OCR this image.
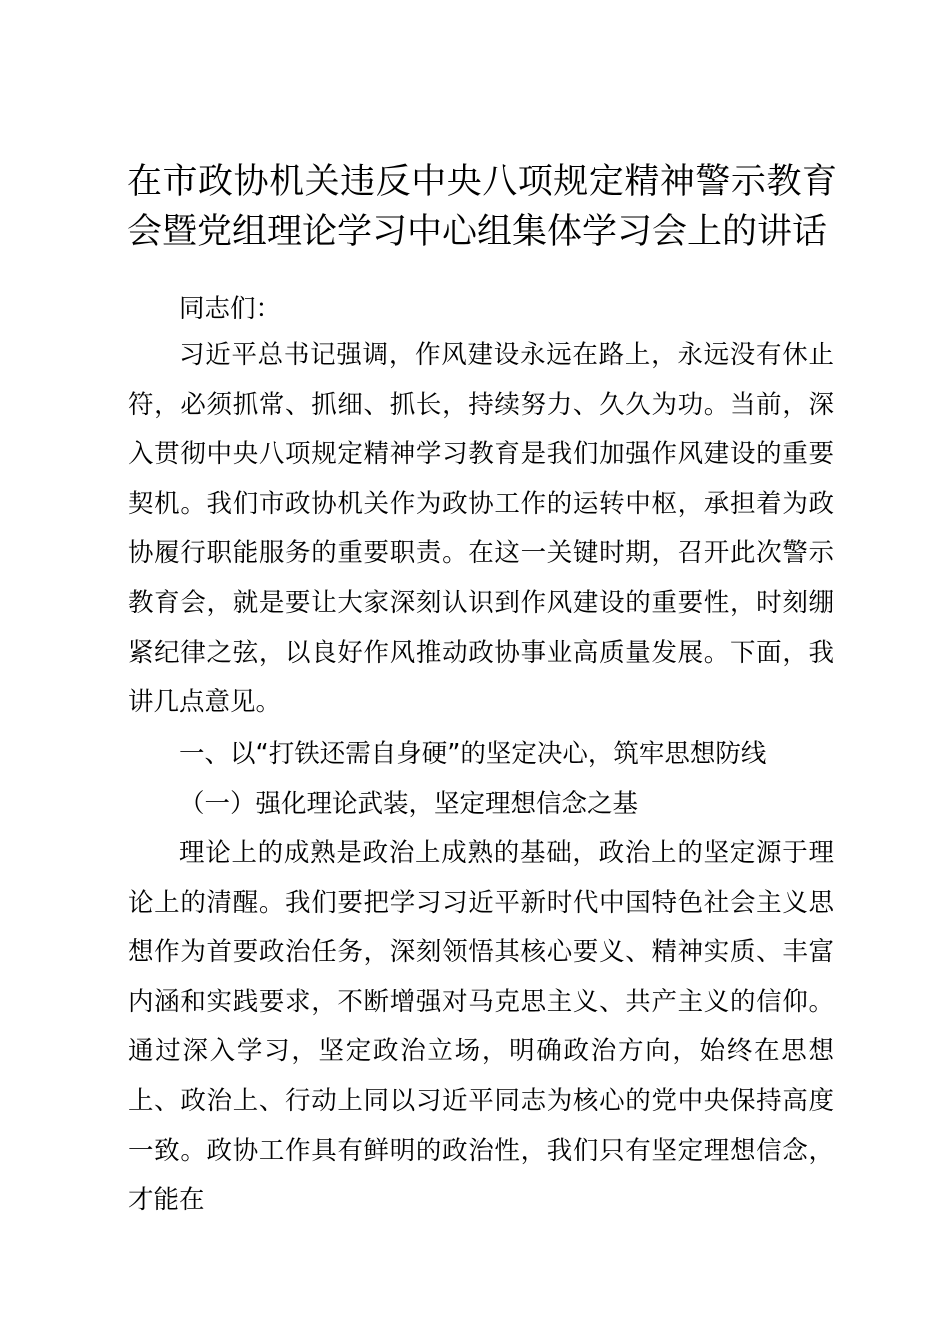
在市政协机关违反中央八项规定精神警示教育会暨党组理论学习中心组集体学习会上的讲话

同志们：

习近平总书记强调，作风建设永远在路上，永远没有休止符，必须抓常、抓细、抓长，持续努力、久久为功。当前，深入贯彻中央八项规定精神学习教育是我们加强作风建设的重要契机。我们市政协机关作为政协工作的运转中枢，承担着为政协履行职能服务的重要职责。在这一关键时期，召开此次警示教育会，就是要让大家深刻认识到作风建设的重要性，时刻绷紧纪律之弦，以良好作风推动政协事业高质量发展。下面，我讲几点意见。

一、以“打铁还需自身硬”的坚定决心，筑牢思想防线

（一）强化理论武装，坚定理想信念之基

理论上的成熟是政治上成熟的基础，政治上的坚定源于理论上的清醒。我们要把学习习近平新时代中国特色社会主义思想作为首要政治任务，深刻领悟其核心要义、精神实质、丰富内涵和实践要求，不断增强对马克思主义、共产主义的信仰。通过深入学习，坚定政治立场，明确政治方向，始终在思想上、政治上、行动上同以习近平同志为核心的党中央保持高度一致。政协工作具有鲜明的政治性，我们只有坚定理想信念，才能在
